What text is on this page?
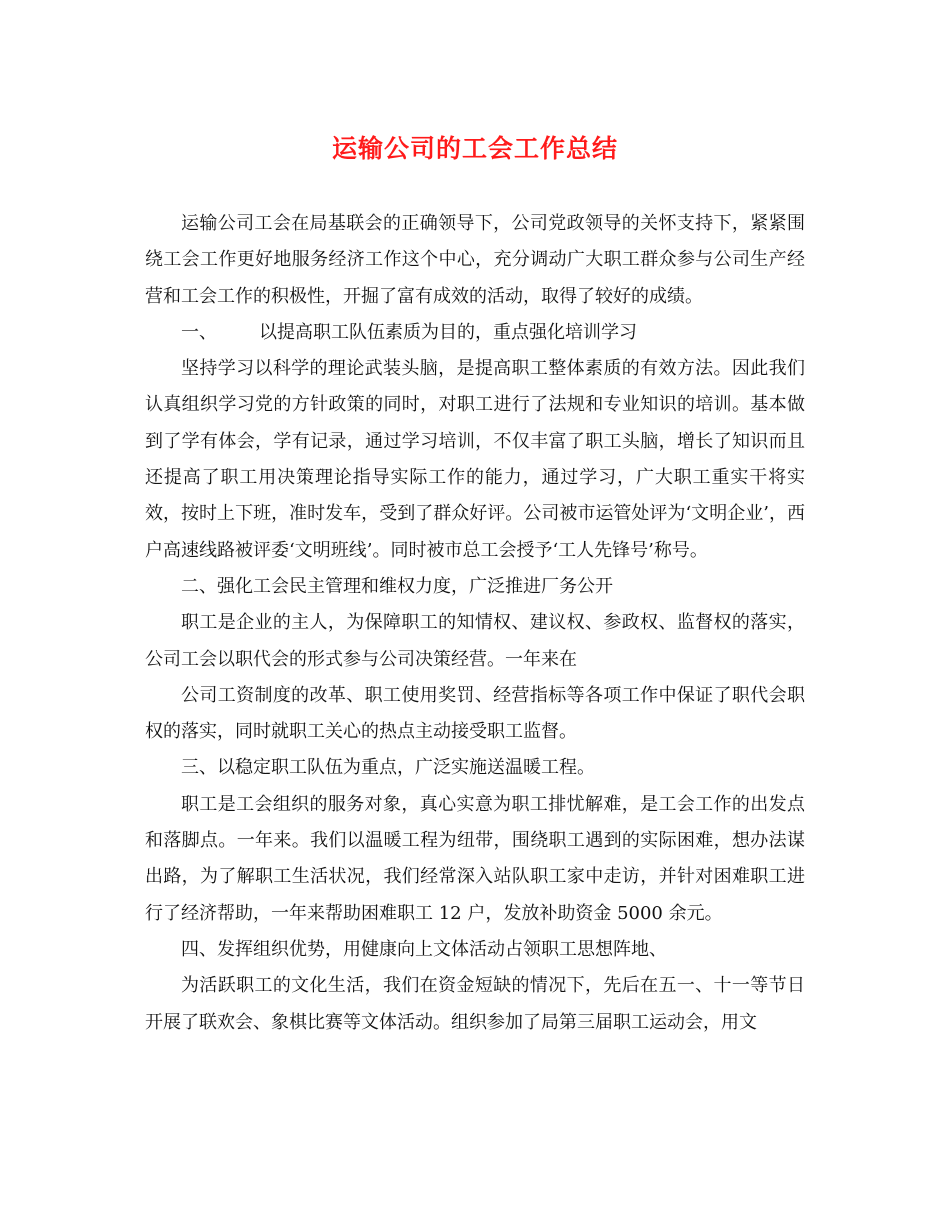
运输公司的工会工作总结

运输公司工会在局基联会的正确领导下，公司党政领导的关怀支持下，紧紧围绕工会工作更好地服务经济工作这个中心，充分调动广大职工群众参与公司生产经营和工会工作的积极性，开掘了富有成效的活动，取得了较好的成绩。

一、 以提高职工队伍素质为目的，重点强化培训学习

坚持学习以科学的理论武装头脑，是提高职工整体素质的有效方法。因此我们认真组织学习党的方针政策的同时，对职工进行了法规和专业知识的培训。基本做到了学有体会，学有记录，通过学习培训，不仅丰富了职工头脑，增长了知识而且还提高了职工用决策理论指导实际工作的能力，通过学习，广大职工重实干将实效，按时上下班，准时发车，受到了群众好评。公司被市运管处评为‘文明企业’，西户高速线路被评委‘文明班线’。同时被市总工会授予‘工人先锋号’称号。

二、强化工会民主管理和维权力度，广泛推进厂务公开

职工是企业的主人，为保障职工的知情权、建议权、参政权、监督权的落实，公司工会以职代会的形式参与公司决策经营。一年来在

公司工资制度的改革、职工使用奖罚、经营指标等各项工作中保证了职代会职权的落实，同时就职工关心的热点主动接受职工监督。

三、以稳定职工队伍为重点，广泛实施送温暖工程。

职工是工会组织的服务对象，真心实意为职工排忧解难，是工会工作的出发点和落脚点。一年来。我们以温暖工程为纽带，围绕职工遇到的实际困难，想办法谋出路，为了解职工生活状况，我们经常深入站队职工家中走访，并针对困难职工进行了经济帮助，一年来帮助困难职工 12 户，发放补助资金 5000 余元。

四、发挥组织优势，用健康向上文体活动占领职工思想阵地、

为活跃职工的文化生活，我们在资金短缺的情况下，先后在五一、十一等节日开展了联欢会、象棋比赛等文体活动。组织参加了局第三届职工运动会，用文
